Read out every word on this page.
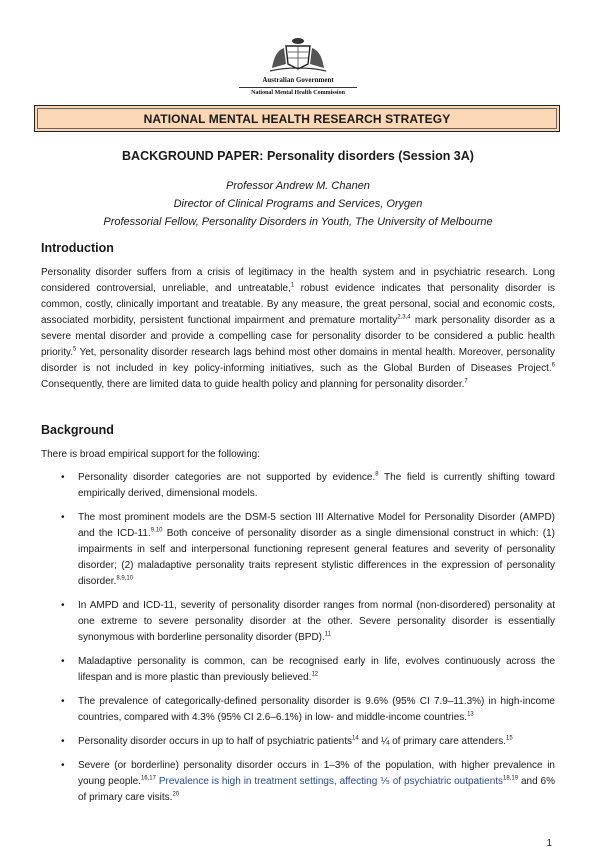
Australian Government
National Mental Health Commission
NATIONAL MENTAL HEALTH RESEARCH STRATEGY
BACKGROUND PAPER: Personality disorders (Session 3A)
Professor Andrew M. Chanen
Director of Clinical Programs and Services, Orygen
Professorial Fellow, Personality Disorders in Youth, The University of Melbourne
Introduction

Personality disorder suffers from a crisis of legitimacy in the health system and in psychiatric research. Long considered controversial, unreliable, and untreatable,$^1$ robust evidence indicates that personality disorder is common, costly, clinically important and treatable. By any measure, the great personal, social and economic costs, associated morbidity, persistent functional impairment and premature mortality$^{2,3,4}$ mark personality disorder as a severe mental disorder and provide a compelling case for personality disorder to be considered a public health priority.$^5$ Yet, personality disorder research lags behind most other domains in mental health. Moreover, personality disorder is not included in key policy-informing initiatives, such as the Global Burden of Diseases Project.$^6$ Consequently, there are limited data to guide health policy and planning for personality disorder.$^7$

Background

There is broad empirical support for the following:

• Personality disorder categories are not supported by evidence.$^8$ The field is currently shifting toward empirically derived, dimensional models.
• The most prominent models are the DSM-5 section III Alternative Model for Personality Disorder (AMPD) and the ICD-11.$^{9,10}$ Both conceive of personality disorder as a single dimensional construct in which: (1) impairments in self and interpersonal functioning represent general features and severity of personality disorder; (2) maladaptive personality traits represent stylistic differences in the expression of personality disorder.$^{8,9,10}$
• In AMPD and ICD-11, severity of personality disorder ranges from normal (non-disordered) personality at one extreme to severe personality disorder at the other. Severe personality disorder is essentially synonymous with borderline personality disorder (BPD).$^{11}$
• Maladaptive personality is common, can be recognised early in life, evolves continuously across the lifespan and is more plastic than previously believed.$^{12}$
• The prevalence of categorically-defined personality disorder is 9.6% (95% CI 7.9–11.3%) in high-income countries, compared with 4.3% (95% CI 2.6–6.1%) in low- and middle-income countries.$^{13}$
• Personality disorder occurs in up to half of psychiatric patients$^{14}$ and ¼ of primary care attenders.$^{15}$
• Severe (or borderline) personality disorder occurs in 1–3% of the population, with higher prevalence in young people.$^{16,17}$ Prevalence is high in treatment settings, affecting ⅕ of psychiatric outpatients$^{18,19}$ and 6% of primary care visits.$^{20}$
1
